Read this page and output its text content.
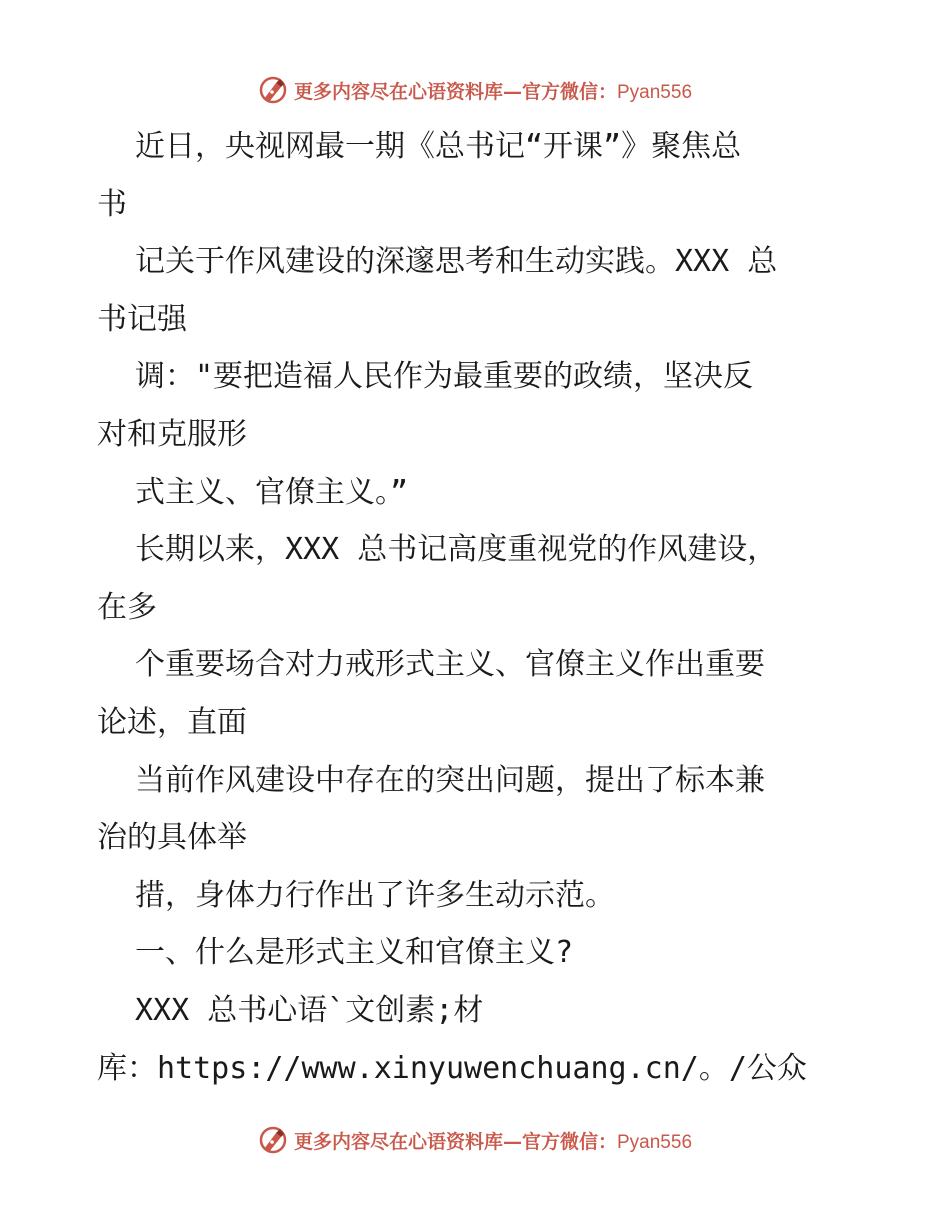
更多内容尽在心语资料库—官方微信：Pyan556
近日，央视网最一期《总书记“开课”》聚焦总
书
记关于作风建设的深邃思考和生动实践。XXX 总
书记强
调："要把造福人民作为最重要的政绩，坚决反
对和克服形
式主义、官僚主义。”
长期以来，XXX 总书记高度重视党的作风建设，
在多
个重要场合对力戒形式主义、官僚主义作出重要
论述，直面
当前作风建设中存在的突出问题，提出了标本兼
治的具体举
措，身体力行作出了许多生动示范。
一、什么是形式主义和官僚主义?
XXX 总书心语`文创素;材
库：https://www.xinyuwenchuang.cn/。/公众
更多内容尽在心语资料库—官方微信：Pyan556
